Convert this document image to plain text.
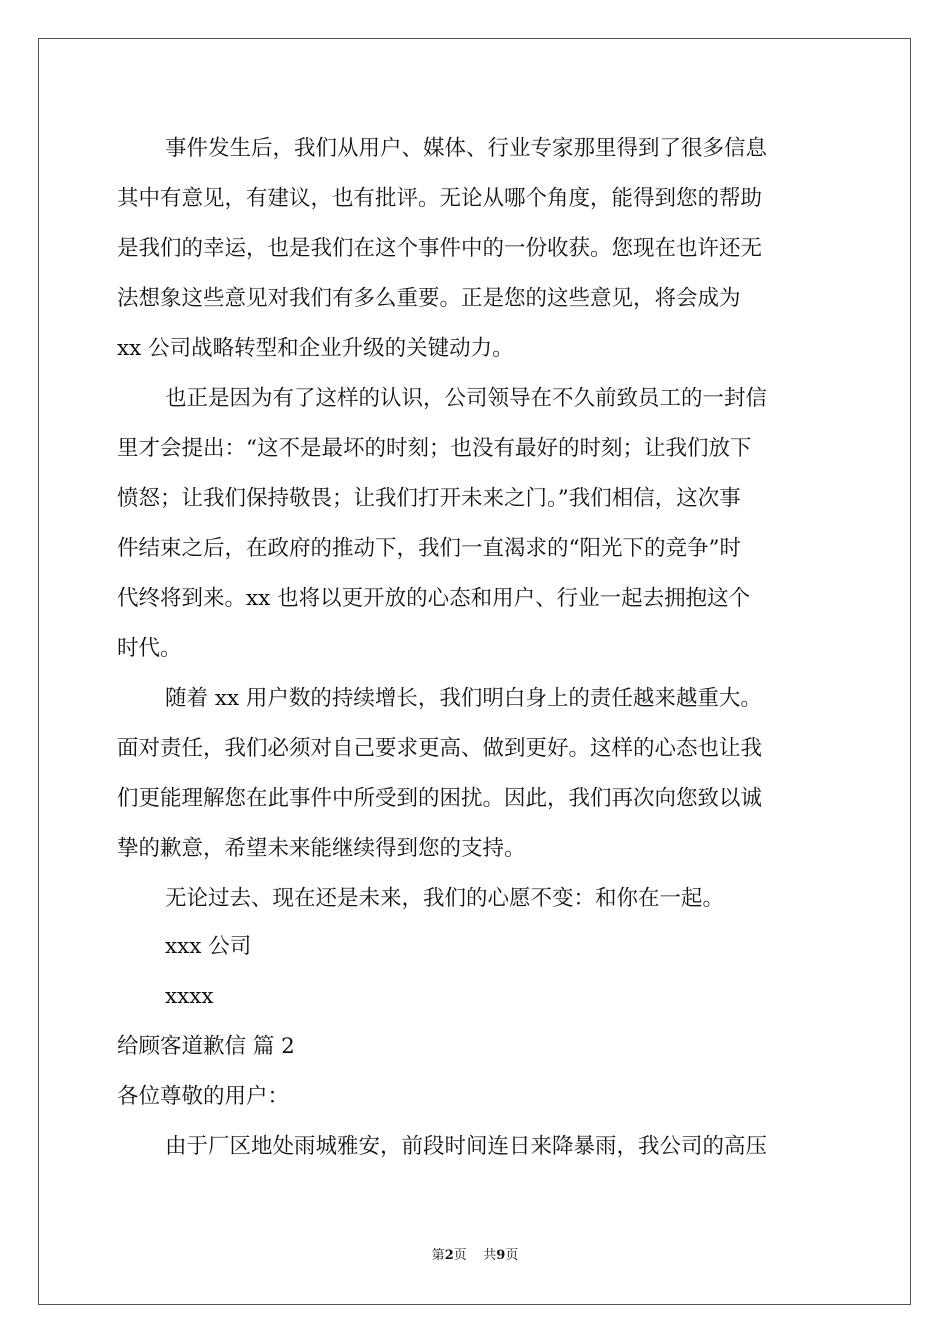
事件发生后，我们从用户、媒体、行业专家那里得到了很多信息
其中有意见，有建议，也有批评。无论从哪个角度，能得到您的帮助
是我们的幸运，也是我们在这个事件中的一份收获。您现在也许还无
法想象这些意见对我们有多么重要。正是您的这些意见，将会成为
xx 公司战略转型和企业升级的关键动力。
也正是因为有了这样的认识，公司领导在不久前致员工的一封信
里才会提出：“这不是最坏的时刻；也没有最好的时刻；让我们放下
愤怒；让我们保持敬畏；让我们打开未来之门。”我们相信，这次事
件结束之后，在政府的推动下，我们一直渴求的“阳光下的竞争”时
代终将到来。xx 也将以更开放的心态和用户、行业一起去拥抱这个
时代。
随着 xx 用户数的持续增长，我们明白身上的责任越来越重大。
面对责任，我们必须对自己要求更高、做到更好。这样的心态也让我
们更能理解您在此事件中所受到的困扰。因此，我们再次向您致以诚
挚的歉意，希望未来能继续得到您的支持。
无论过去、现在还是未来，我们的心愿不变：和你在一起。
xxx 公司
xxxx
给顾客道歉信 篇 2
各位尊敬的用户：
由于厂区地处雨城雅安，前段时间连日来降暴雨，我公司的高压
第2页    共9页
